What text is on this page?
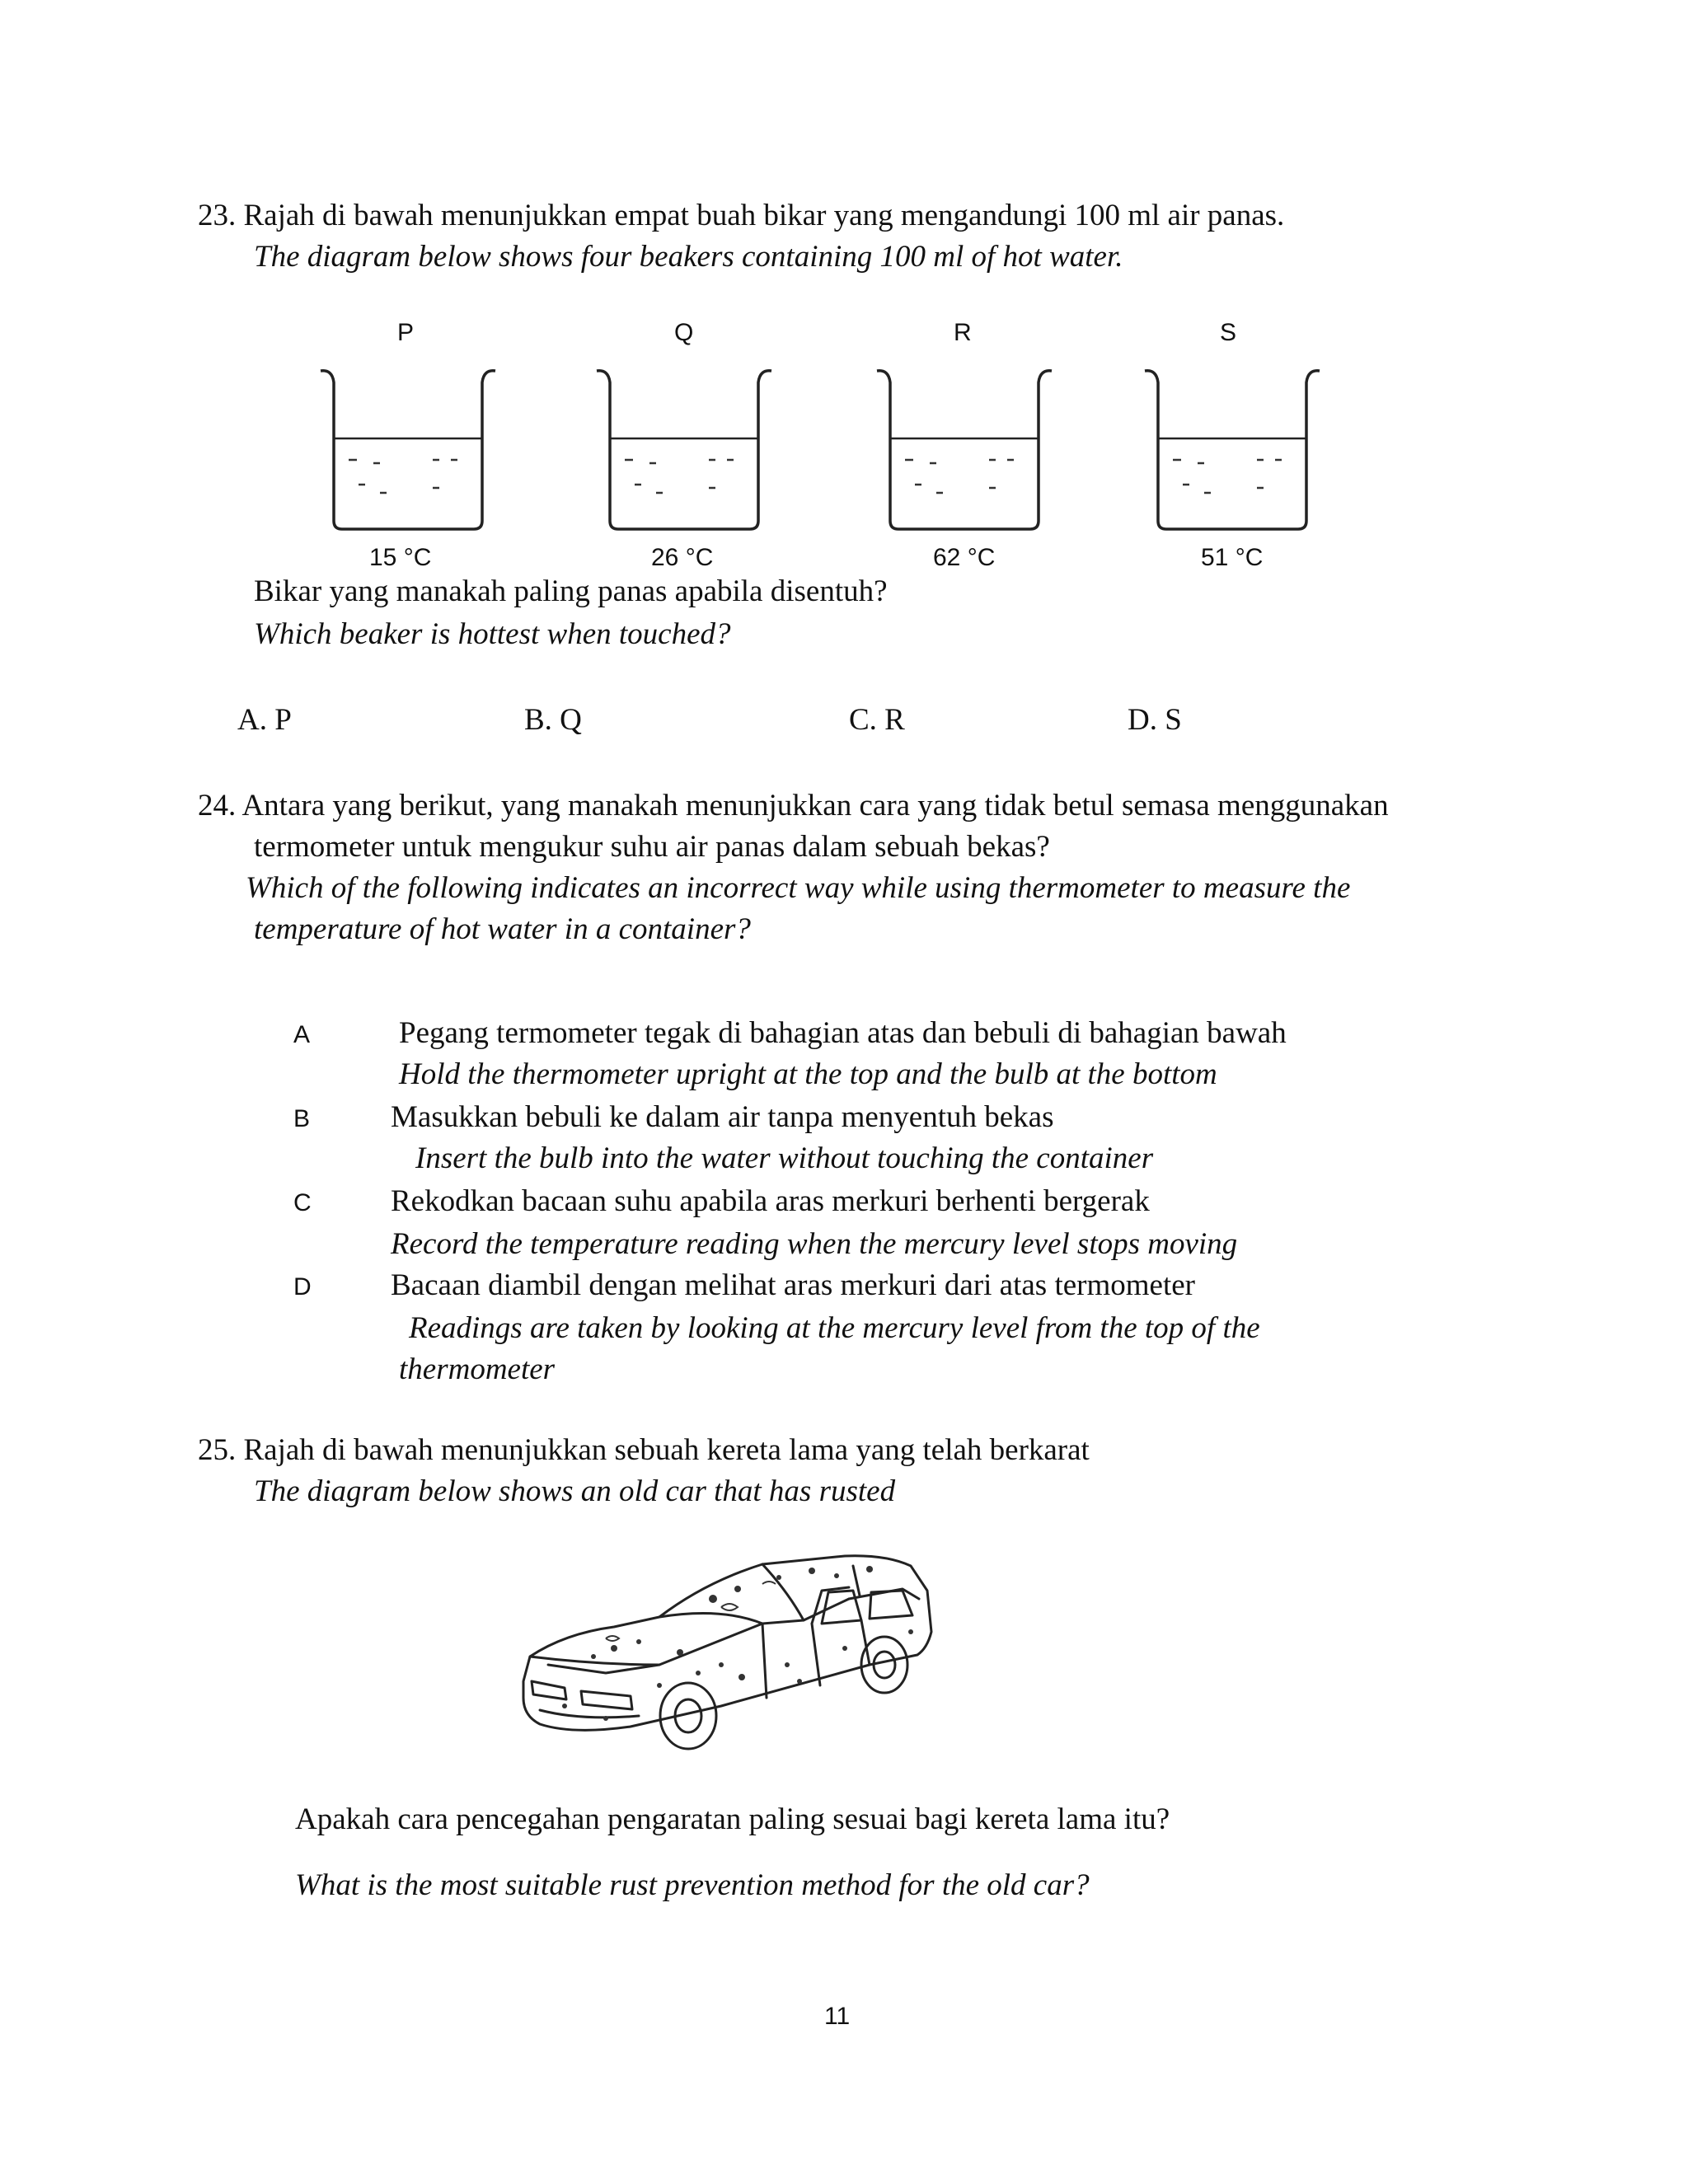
23. Rajah di bawah menunjukkan empat buah bikar yang mengandungi 100 ml air panas.
The diagram below shows four beakers containing 100 ml of hot water.
P	Q	R	S
15 °C	26 °C	62 °C	51 °C
Bikar yang manakah paling panas apabila disentuh?
Which beaker is hottest when touched?
A. P	B. Q	C. R	D. S
24. Antara yang berikut, yang manakah menunjukkan cara yang tidak betul semasa menggunakan
termometer untuk mengukur suhu air panas dalam sebuah bekas?
Which of the following indicates an incorrect way while using thermometer to measure the
temperature of hot water in a container?
A	Pegang termometer tegak di bahagian atas dan bebuli di bahagian bawah
Hold the thermometer upright at the top and the bulb at the bottom
B	Masukkan bebuli ke dalam air tanpa menyentuh bekas
Insert the bulb into the water without touching the container
C	Rekodkan bacaan suhu apabila aras merkuri berhenti bergerak
Record the temperature reading when the mercury level stops moving
D	Bacaan diambil dengan melihat aras merkuri dari atas termometer
Readings are taken by looking at the mercury level from the top of the
thermometer
25. Rajah di bawah menunjukkan sebuah kereta lama yang telah berkarat
The diagram below shows an old car that has rusted
Apakah cara pencegahan pengaratan paling sesuai bagi kereta lama itu?
What is the most suitable rust prevention method for the old car?
11
